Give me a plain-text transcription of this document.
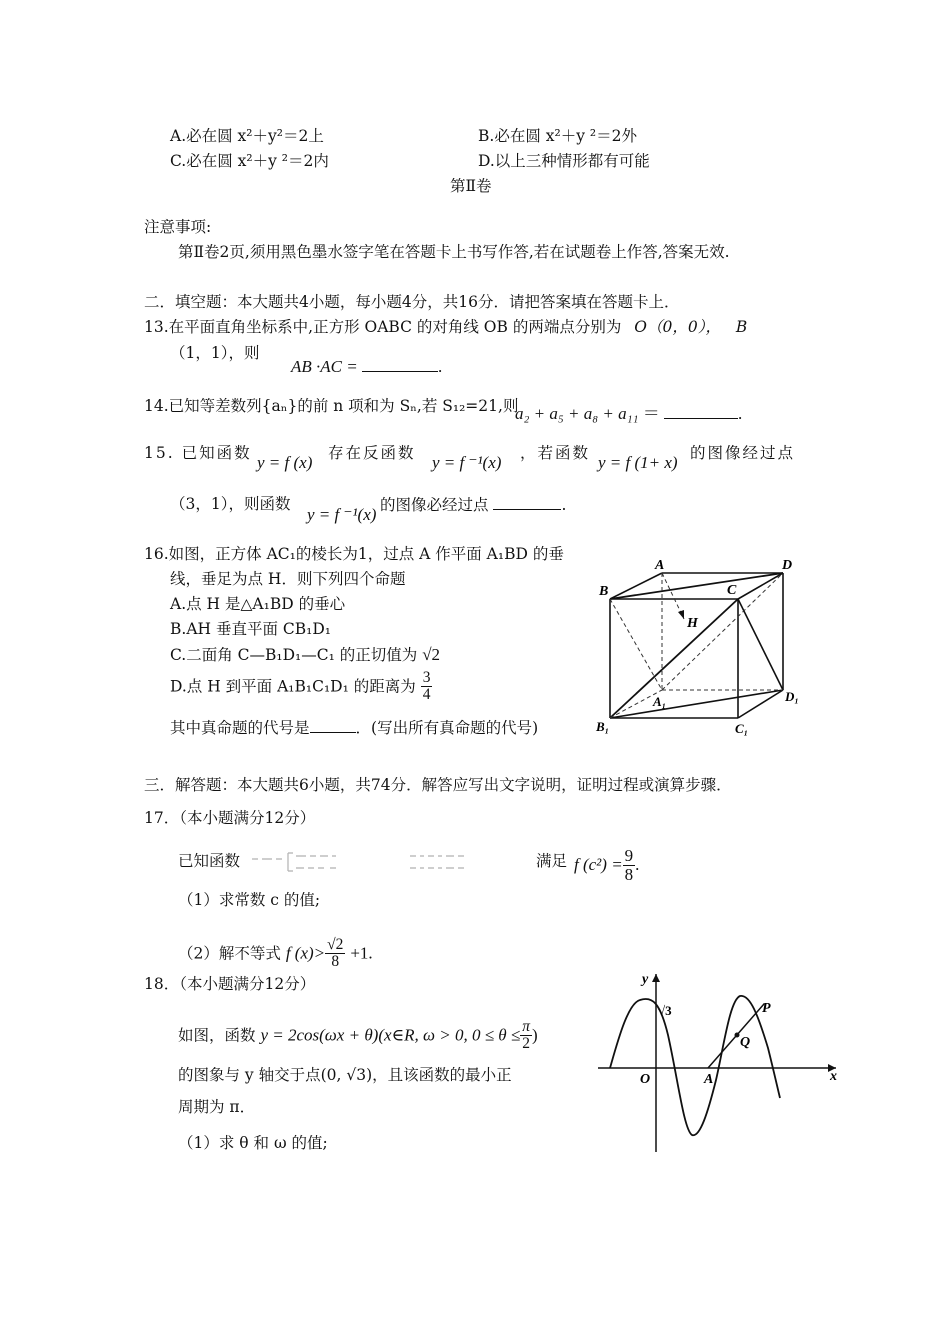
A.必在圆 x²＋y²＝2上	B.必在圆 x²＋y ²＝2外
C.必在圆 x²＋y ²＝2内	D.以上三种情形都有可能
第Ⅱ卷
注意事项:
第Ⅱ卷2页,须用黑色墨水签字笔在答题卡上书写作答,若在试题卷上作答,答案无效.
二．填空题：本大题共4小题，每小题4分，共16分．请把答案填在答题卡上．
13.在平面直角坐标系中,正方形 OABC 的对角线 OB 的两端点分别为 O（0，0）， B
（1，1），则
AB ·AC =	.
14.已知等差数列{aₙ}的前 n 项和为 Sₙ,若 S₁₂=21,则
a₂ + a₅ + a₈ + a₁₁ ＝	.
15. 已知函数 y = f (x) 存在反函数 y = f ⁻¹(x) ，若函数 y = f (1+ x) 的图像经过点
（3，1），则函数
y = f ⁻¹(x) 的图像必经过点	.
16.如图，正方体 AC₁的棱长为1，过点 A 作平面 A₁BD 的垂
线，垂足为点 H．则下列四个命题
A.点 H 是△A₁BD 的垂心
B.AH 垂直平面 CB₁D₁
C.二面角 C—B₁D₁—C₁ 的正切值为 √2
D.点 H 到平面 A₁B₁C₁D₁ 的距离为 $\frac{3}{4}$
其中真命题的代号是	．(写出所有真命题的代号)
A
B	C
D
H
A₁
B₁	C₁
D₁
三．解答题：本大题共6小题，共74分．解答应写出文字说明，证明过程或演算步骤．
17．（本小题满分12分）
已知函数	满足 f $(c^2) = \frac{9}{8}$ .
（1）求常数 c 的值;
（2）解不等式 f $(x)> \frac{√2}{8} +1$.
18．（本小题满分12分）
如图，函数 y = 2cos(ωx + θ)(x∈R, ω > 0, $0 \le \theta \le \frac{\pi}{2}$ )
的图象与 y 轴交于点(0, √3)，且该函数的最小正
周期为 π．
（1）求 θ 和 ω 的值;
y
x
O	A
P
Q
√3
